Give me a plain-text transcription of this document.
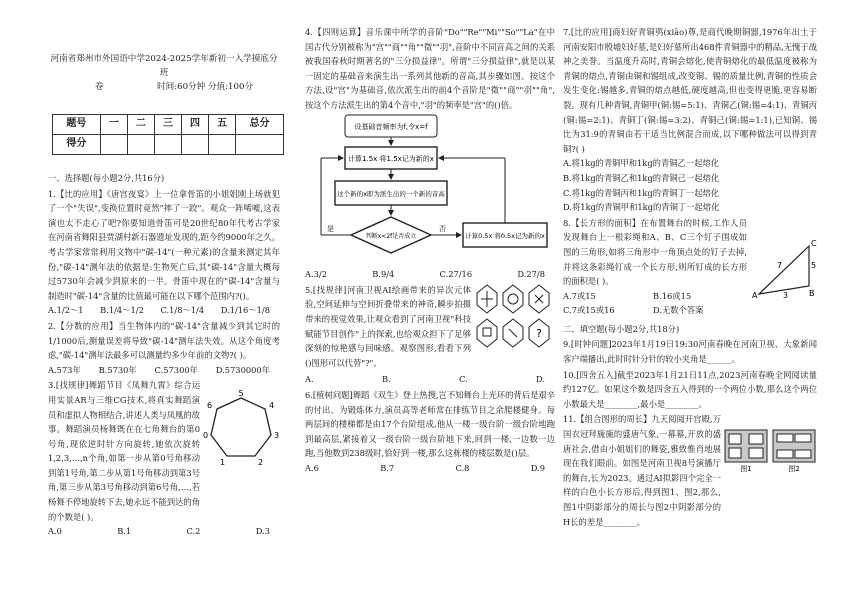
河南省郑州市外国语中学2024-2025学年新初一入学摸底分班
卷	时间:60分钟 分值:100分
题号	一	二	三	四	五	总分
得分						
一、选择题(每小题2分,共16分)

1.【比的应用】《唐宫夜宴》上一位拿骨笛的小姐姐刚上场就犯了一个"失误",变换位置时竟然"摔了一跤"。观众一阵唏嘘,这表演也太不走心了吧?你要知道骨笛可是20世纪80年代考古学家在河南省舞阳县贾湖村新石器遗址发现的,距今约9000年之久。考古学家常常利用文物中"碳-14"(一种元素)的含量来测定其年份,"碳-14"测年法的依据是:生物死亡后,其"碳-14"含量大概每过5730年会减少到原来的一半。骨笛中现在的"碳-14"含量与制造时"碳-14"含量的比值最可能在以下哪个范围内?()。

A.1/2～1 B.1/4～1/2 C.1/8～1/4 D.1/16～1/8

2.【分数的应用】当生物体内的"碳-14"含量减少到其它时的1/1000后,测量误差将导致"碳-14"测年法失效。从这个角度考虑,"碳-14"测年法最多可以测量约多少年前的文物?( )。

A.573年 B.5730年 C.57300年 D.5730000年

3.[找规律]舞蹈节目《凤舞九霄》综合运用实景AR与三维CG技术,将真实舞蹈演员和虚拟人物相结合,讲述人类与凤凰的故事。舞蹈演员杨舞既在在七角舞台的第0号角,现依逆时针方向旋转,她依次旋转1,2,3,…,n个角,如第一步从第0号角移动到第1号角,第二步从第1号角移动到第3号角,第三步从第3号角移动到第6号角,…,若杨舞不停地旋转下去,她永远不能到达的角的个数是( )。

5
4
3
2
1
0
6
A.0	B.1	C.2	D.3

4.【四则运算】音乐课中所学的音阶"Do""Re""Mi""So""La"在中国古代分别被称为"宫""商""角""徵""羽",音阶中不同音高之间的关系被我国春秋时期著名的"三分损益律"。所谓"三分损益律",就是以某一固定的基础音来演生出一系列其他新的音高,其步骤如图。按这个方法,设"宫"为基础音,依次派生出的前4个音阶是"徵""商""羽""角",按这个方法派生出的第4个音中,"羽"的频率是"宫"的()倍。

设基础音频率为f,令x=f
计算1.5x 将1.5x记为新的x
这个新的x即为派生出的一个新的音高
判断x<2f是否成立
是	否
计算0.5x 将0.5x记为新的x
A.3/2	B.9/4	C.27/16	D.27/8

5.[找规律]河南卫视AI绘画带来的异次元体验,空间延伸与空间折叠带来的神奇,瞬步拍摄带来的视觉效果,让观众看到了河南卫视"科技赋能节目创作"上的探索,也给观众担下了足够深刻的惊艳感与回味感。观察图形,看看下列()图形可以代替"?"。

?
A.	B.	C.	D.

6.[植树问题]舞蹈《双生》登上热搜,岂不知舞台上光环的背后是艰辛的付出。为锻炼体力,演员高等老师常在排练节目之余爬楼健身。每两层间的楼梯都是由17个台阶组成,他从一楼一级台阶一级台阶地跑到最高层,紧接着又一级台阶一级台阶地下来,回到一楼,一边数一边跑,当他数到238级时,恰好到一楼,那么这栋楼的楼层数是()层。

A.6	B.7	C.8	D.9

7.[比的应用]商妇好青铜鸮(xiāo)尊,是商代晚期铜器,1976年出土于河南安阳市殷墟妇好墓,是妇好墓所出468件青铜器中的精品,无愧于战神之美誉。当温度升高时,青铜会熔化,使青铜熔化的最低温度被称为青铜的熔点,青铜由铜和锡组成,改变铜、锡的质量比例,青铜的性质会发生变化:锡越多,青铜的熔点越低,硬度越高,但也变得更脆,更容易断裂。现有几种青铜,青铜甲(铜:锡=5:1)、青铜乙(铜:锡=4:1)、青铜丙(铜:锡=2:1)、青铜丁(铜:锡=3:2)、青铜己(铜:锡=1:1),已知铜、锡比为31:9的青铜由若干适当比例混合而成,以下哪种做法可以得到青铜?( )

A.将1kg的青铜甲和1kg的青铜乙一起熔化
B.将1kg的青铜乙和1kg的青铜己一起熔化
C.将1kg的青铜丙和1kg的青铜丁一起熔化
D.将1kg的青铜甲和1kg的青铜丁一起熔化

8.【长方形的面积】在布置舞台的时候,工作人员发现舞台上一根彩绳和A、B、C三个钉子围成如图的三角形,如将三角形中一角顶点处的钉子去掉,并将这条彩绳钉成一个长方形,则所钉成的长方形的面积是( )。

A	B
C
7	5
3
A.7或15	B.16或15
C.7或15或16	D.无数个答案
二、填空题(每小题2分,共18分)

9.[时钟问题]2023年1月19日19:30河南春晚在河南卫视、大象新闻客户端播出,此时时针分针的较小夹角是______。

10.[四舍五入]截至2023年1月21日11点,2023河南春晚全网阅读量约127亿。如果这个数是四舍五入得到的一个两位小数,那么这个两位小数最大是________,最小是________。

11.【组合图形的周长】九天阅阅开宫殿,万国衣冠拜旒旒的盛唐气象,一幕幕,开放的盛唐社会,借由小姐姐们的舞姿,雅致惟肖地展现在我们眼前。如图是河南卫视8号演播厅的舞台,长为2023。通过AI拟影四个完全一样的白色小长方形后,得到图1、图2,那么,图1中阴影部分的周长与图2中阴影部分的H长的差是________。

图1	图2
